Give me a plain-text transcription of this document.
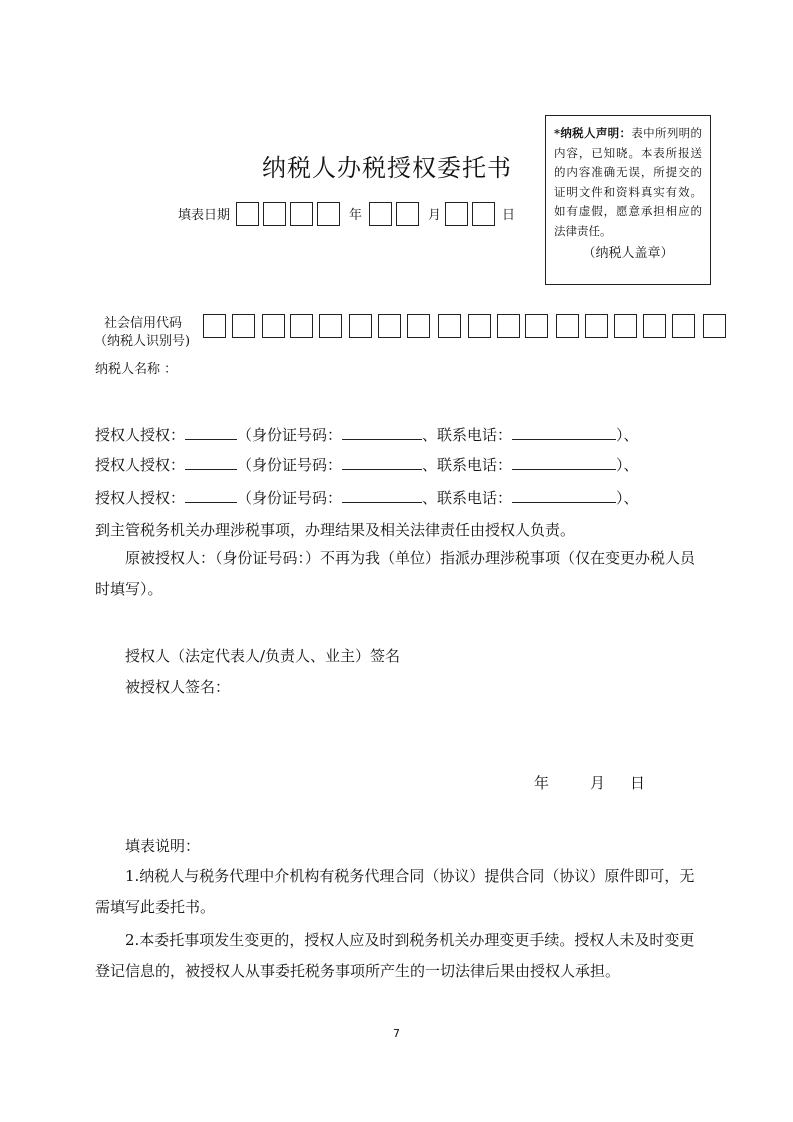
纳税人办税授权委托书
填表日期	年	月	日
*纳税人声明：表中所列明的内容，已知晓。本表所报送的内容准确无误，所提交的证明文件和资料真实有效。如有虚假，愿意承担相应的法律责任。
（纳税人盖章）
社会信用代码
（纳税人识别号)
纳税人名称 ：
授权人授权：	（身份证号码：	、联系电话：	）、
授权人授权：	（身份证号码：	、联系电话：	）、
授权人授权：	（身份证号码：	、联系电话：	）、
到主管税务机关办理涉税事项，办理结果及相关法律责任由授权人负责。
原被授权人：（身份证号码：）不再为我（单位）指派办理涉税事项（仅在变更办税人员时填写）。
授权人（法定代表人/负责人、业主）签名
被授权人签名：
年	月 日
填表说明：
1.纳税人与税务代理中介机构有税务代理合同（协议）提供合同（协议）原件即可，无需填写此委托书。
2.本委托事项发生变更的，授权人应及时到税务机关办理变更手续。授权人未及时变更登记信息的，被授权人从事委托税务事项所产生的一切法律后果由授权人承担。
7
